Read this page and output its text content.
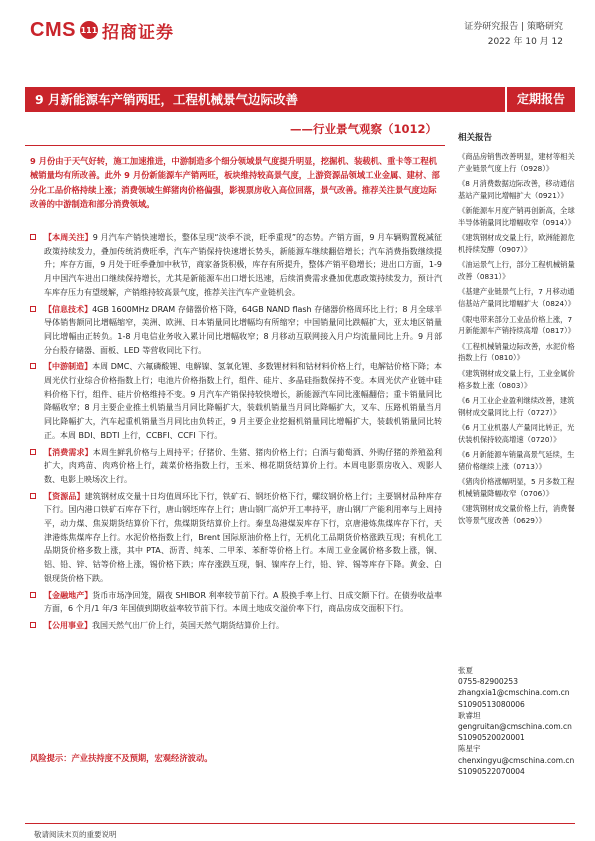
CMS 111 招商证券	证券研究报告 | 策略研究
2022 年 10 月 12
9 月新能源车产销两旺，工程机械景气边际改善	定期报告
——行业景气观察（1012）
9 月份由于天气好转，施工加速推进，中游制造多个细分领域景气度提升明显，挖掘机、装载机、重卡等工程机械销量均有所改善。此外 9 月份新能源车产销两旺，板块维持较高景气度，上游资源品领域工业金属、建材、部分化工品价格持续上涨；消费领域生鲜猪肉价格偏强，影视票房收入高位回落，景气改善。推荐关注景气度边际改善的中游制造和部分消费领域。
【本周关注】9 月汽车产销快速增长，整体呈现“淡季不淡，旺季重现”的态势。产销方面，9 月车辆购置税减征政策持续发力，叠加传统消费旺季，汽车产销保持快速增长势头，新能源车继续翻倍增长；汽车消费指数继续提升；库存方面，9 月处于旺季叠加中秋节，商家备货积极，库存有所提升，整体产销平稳增长；进出口方面，1-9 月中国汽车进出口继续保持增长，尤其是新能源车出口增长迅速，后续消费需求叠加优惠政策持续发力，预计汽车库存压力有望缓解，产销维持较高景气度，推荐关注汽车产业链机会。
【信息技术】4GB 1600MHz DRAM 存储器价格下降，64GB NAND flash 存储器价格周环比上行；8 月全球半导体销售额同比增幅缩窄，美洲、欧洲、日本销量同比增幅均有所缩窄；中国销量同比跌幅扩大，亚太地区销量同比增幅由正转负。1-8 月电信业务收入累计同比增幅收窄；8 月移动互联网接入月户均流量同比上升。9 月部分台股存储器、面板、LED 等营收同比下行。
【中游制造】本周 DMC、六氟磷酸锂、电解镍、氢氧化锂、多数锂材料和钴材料价格上行，电解钴价格下降；本周光伏行业综合价格指数上行；电池片价格指数上行，组件、硅片、多晶硅指数保持不变。本周光伏产业链中硅料价格下行，组件、硅片价格维持不变。9 月汽车产销保持较快增长，新能源汽车同比涨幅翻倍；重卡销量同比降幅收窄；8 月主要企业推土机销量当月同比降幅扩大，装载机销量当月同比降幅扩大，叉车、压路机销量当月同比降幅扩大，汽车起重机销量当月同比由负转正，9 月主要企业挖掘机销量同比增幅扩大，装载机销量同比转正。本周 BDI、BDTI 上行，CCBFI、CCFI 下行。
【消费需求】本周生鲜乳价格与上周持平；仔猪价、生猪、猪肉价格上行；白酒与葡萄酒、外购仔猪的养殖盈利扩大，肉鸡苗、肉鸡价格上行，蔬菜价格指数上行，玉米、棉花期货结算价上行。本周电影票房收入、观影人数、电影上映场次上行。
【资源品】建筑钢材成交量十日均值周环比下行，铁矿石、钢坯价格下行，螺纹钢价格上行；主要钢材品种库存下行。国内港口铁矿石库存下行，唐山钢坯库存上行；唐山钢厂高炉开工率持平，唐山钢厂产能利用率与上周持平，动力煤、焦炭期货结算价下行，焦煤期货结算价上行。秦皇岛港煤炭库存下行，京唐港炼焦煤库存下行，天津港炼焦煤库存上行。水泥价格指数上行，Brent 国际原油价格上行，无机化工品期货价格涨跌互现；有机化工品期货价格多数上涨，其中 PTA、沥青、纯苯、二甲苯、苯酐等价格上行。本周工业金属价格多数上涨，铜、铝、铅、锌、钴等价格上涨，锡价格下跌；库存涨跌互现，铜、镍库存上行，铅、锌、锡等库存下降。黄金、白银现货价格下跌。
【金融地产】货币市场净回笼，隔夜 SHIBOR 利率较节前下行。A 股换手率上行、日成交额下行。在债券收益率方面，6 个月/1 年/3 年国债到期收益率较节前下行。本周土地成交溢价率下行，商品房成交面积下行。
【公用事业】我国天然气出厂价上行，英国天然气期货结算价上行。
风险提示：产业扶持度不及预期，宏观经济波动。
相关报告
《商品房销售改善明显，建材等相关产业链景气度上行（0928）》
《8 月消费数据边际改善，移动通信基站产量同比增幅扩大（0921）》
《新能源车月度产销再创新高，全球半导体销量同比增幅收窄（0914）》
《建筑钢材成交量上行，欧洲能源危机持续发酵（0907）》
《油运景气上行，部分工程机械销量改善（0831）》
《基建产业链景气上行，7 月移动通信基站产量同比增幅扩大（0824）》
《限电带来部分工业品价格上涨，7 月新能源车产销持续高增（0817）》
《工程机械销量边际改善，水泥价格指数上行（0810）》
《建筑钢材成交量上行，工业金属价格多数上涨（0803）》
《6 月工业企业盈利继续改善，建筑钢材成交量同比上行（0727）》
《6 月工业机器人产量同比转正，光伏装机保持较高增速（0720）》
《6 月新能源车销量高景气延续，生猪价格继续上涨（0713）》
《猪肉价格涨幅明显，5 月多数工程机械销量降幅收窄（0706）》
《建筑钢材成交量价格上行，消费餐饮等景气度改善（0629）》
张夏
0755-82900253
zhangxia1@cmschina.com.cn
S1090513080006
耿睿坦
gengruitan@cmschina.com.cn
S1090520020001
陈星宇
chenxingyu@cmschina.com.cn
S1090522070004
敬请阅读末页的重要说明
